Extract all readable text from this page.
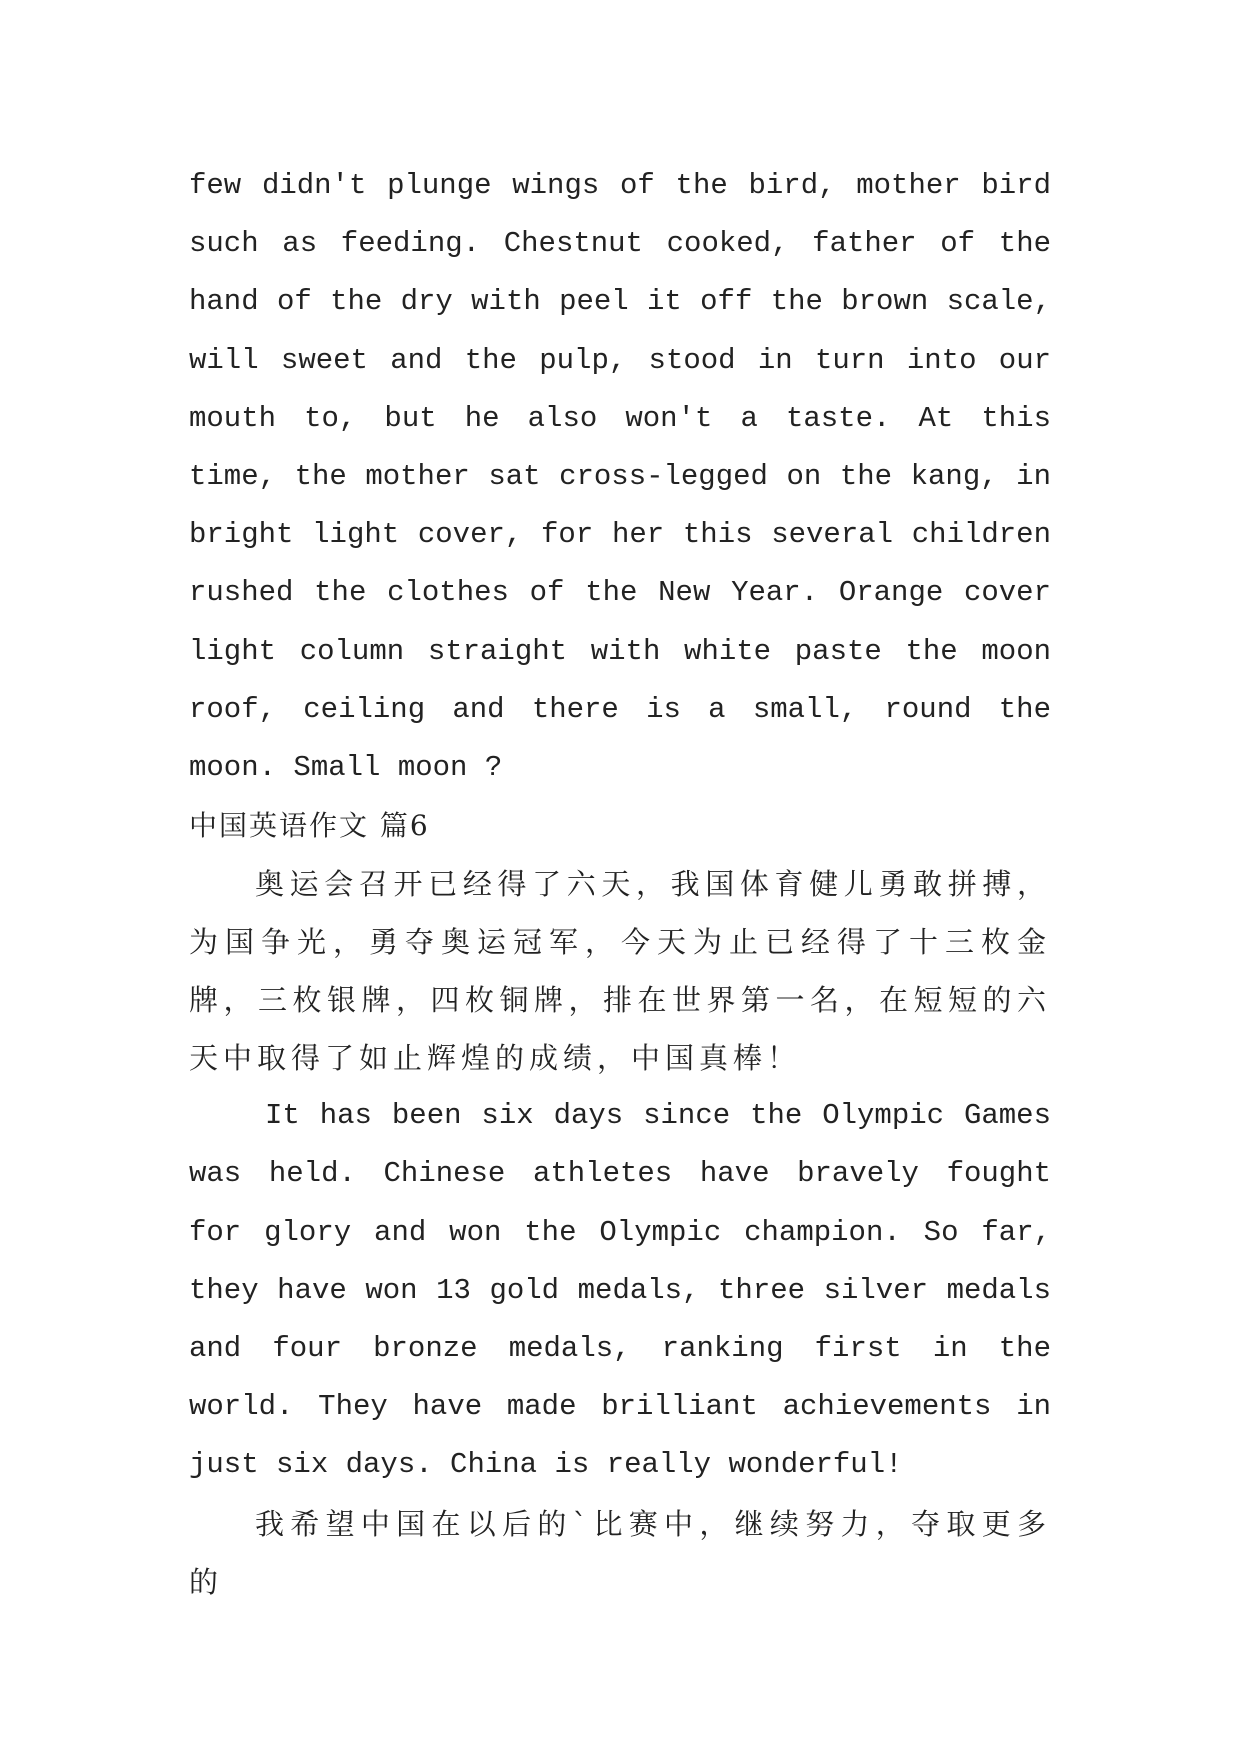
few didn't plunge wings of the bird, mother bird such as feeding. Chestnut cooked, father of the hand of the dry with peel it off the brown scale, will sweet and the pulp, stood in turn into our mouth to, but he also won't a taste. At this time, the mother sat cross-legged on the kang, in bright light cover, for her this several children rushed the clothes of the New Year. Orange cover light column straight with white paste the moon roof, ceiling and there is a small, round the moon. Small moon ?

中国英语作文 篇6

奥运会召开已经得了六天，我国体育健儿勇敢拼搏，为国争光，勇夺奥运冠军，今天为止已经得了十三枚金牌，三枚银牌，四枚铜牌，排在世界第一名，在短短的六天中取得了如止辉煌的成绩，中国真棒！

It has been six days since the Olympic Games was held. Chinese athletes have bravely fought for glory and won the Olympic champion. So far, they have won 13 gold medals, three silver medals and four bronze medals, ranking first in the world. They have made brilliant achievements in just six days. China is really wonderful!

我希望中国在以后的`比赛中，继续努力，夺取更多的
